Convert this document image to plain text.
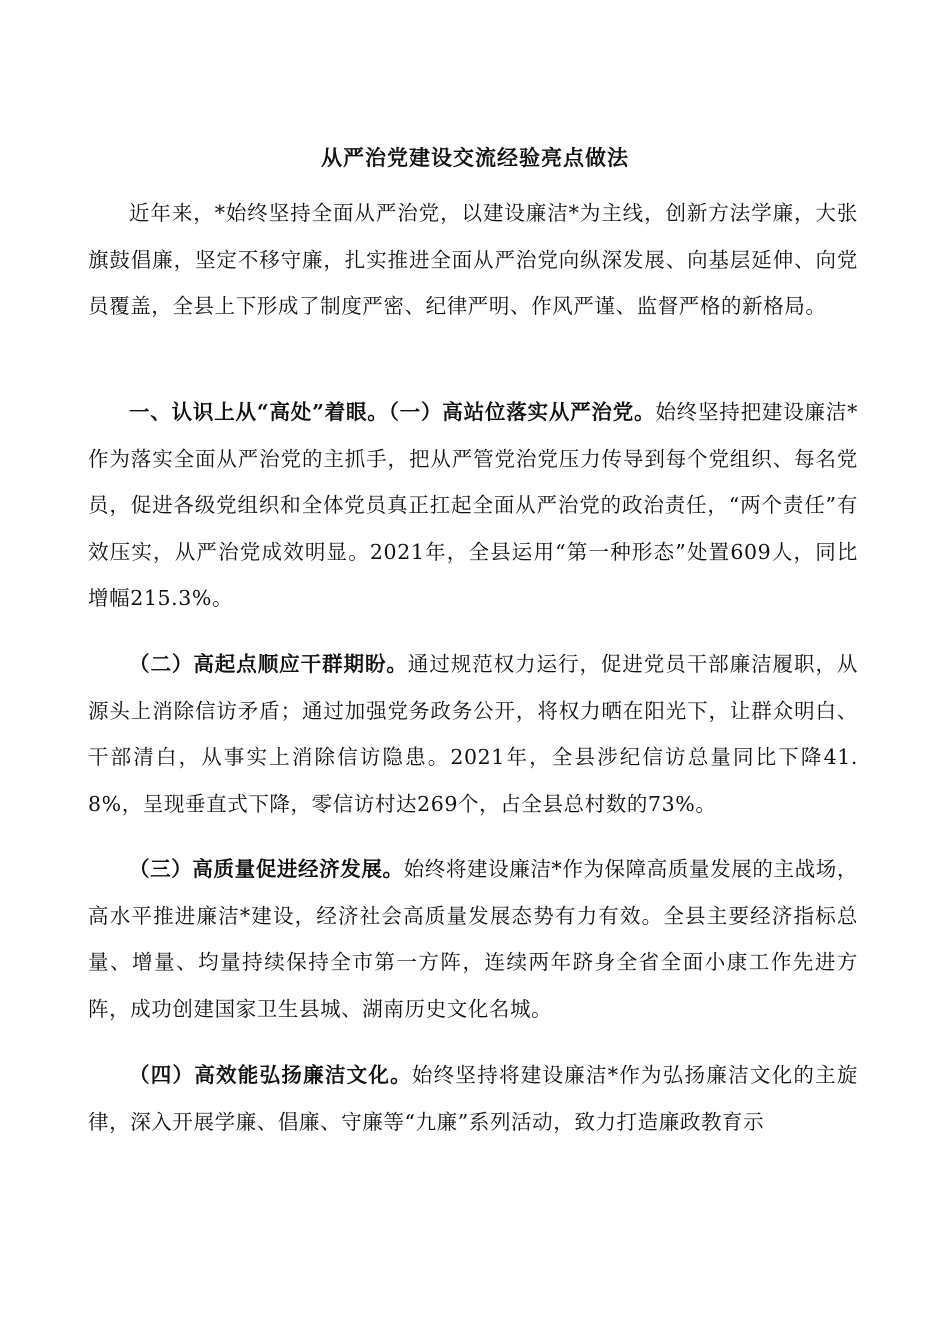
从严治党建设交流经验亮点做法

近年来，*始终坚持全面从严治党，以建设廉洁*为主线，创新方法学廉，大张旗鼓倡廉，坚定不移守廉，扎实推进全面从严治党向纵深发展、向基层延伸、向党员覆盖，全县上下形成了制度严密、纪律严明、作风严谨、监督严格的新格局。

一、认识上从“高处”着眼。（一）高站位落实从严治党。始终坚持把建设廉洁*作为落实全面从严治党的主抓手，把从严管党治党压力传导到每个党组织、每名党员，促进各级党组织和全体党员真正扛起全面从严治党的政治责任，“两个责任”有效压实，从严治党成效明显。2021年，全县运用“第一种形态”处置609人，同比增幅215.3%。

（二）高起点顺应干群期盼。通过规范权力运行，促进党员干部廉洁履职，从源头上消除信访矛盾；通过加强党务政务公开，将权力晒在阳光下，让群众明白、干部清白，从事实上消除信访隐患。2021年，全县涉纪信访总量同比下降41.8%，呈现垂直式下降，零信访村达269个，占全县总村数的73%。

（三）高质量促进经济发展。始终将建设廉洁*作为保障高质量发展的主战场，高水平推进廉洁*建设，经济社会高质量发展态势有力有效。全县主要经济指标总量、增量、均量持续保持全市第一方阵，连续两年跻身全省全面小康工作先进方阵，成功创建国家卫生县城、湖南历史文化名城。

（四）高效能弘扬廉洁文化。始终坚持将建设廉洁*作为弘扬廉洁文化的主旋律，深入开展学廉、倡廉、守廉等“九廉”系列活动，致力打造廉政教育示
